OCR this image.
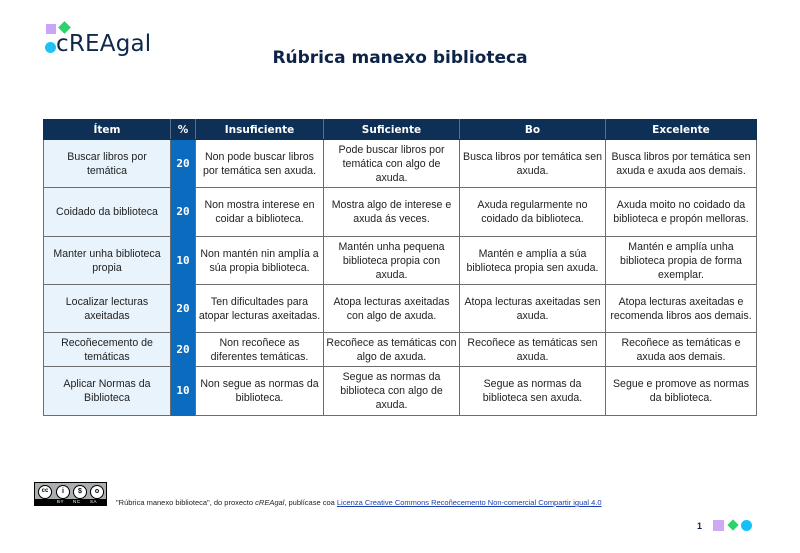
cREAgal
Rúbrica manexo biblioteca
Ítem	%	Insuficiente	Suficiente	Bo	Excelente
Buscar libros por temática	20	Non pode buscar libros por temática sen axuda.	Pode buscar libros por temática con algo de axuda.	Busca libros por temática sen axuda.	Busca libros por temática sen axuda e axuda aos demais.
Coidado da biblioteca	20	Non mostra interese en coidar a biblioteca.	Mostra algo de interese e axuda ás veces.	Axuda regularmente no coidado da biblioteca.	Axuda moito no coidado da biblioteca e propón melloras.
Manter unha biblioteca propia	10	Non mantén nin amplía a súa propia biblioteca.	Mantén unha pequena biblioteca propia con axuda.	Mantén e amplía a súa biblioteca propia sen axuda.	Mantén e amplía unha biblioteca propia de forma exemplar.
Localizar lecturas axeitadas	20	Ten dificultades para atopar lecturas axeitadas.	Atopa lecturas axeitadas con algo de axuda.	Atopa lecturas axeitadas sen axuda.	Atopa lecturas axeitadas e recomenda libros aos demais.
Recoñecemento de temáticas	20	Non recoñece as diferentes temáticas.	Recoñece as temáticas con algo de axuda.	Recoñece as temáticas sen axuda.	Recoñece as temáticas e axuda aos demais.
Aplicar Normas da Biblioteca	10	Non segue as normas da biblioteca.	Segue as normas da biblioteca con algo de axuda.	Segue as normas da biblioteca sen axuda.	Segue e promove as normas da biblioteca.
cc	i	$	o
BY NC SA	"Rúbrica manexo biblioteca", do proxecto cREAgal, publícase coa Licenza Creative Commons Recoñecemento Non-comercial Compartir igual 4.0
1
